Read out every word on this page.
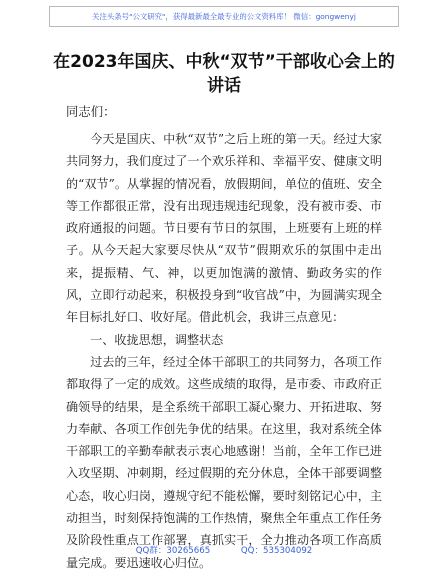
关注头条号"公文研究"，获得最新最全最专业的公文资料库！ 微信：gongwenyj
在2023年国庆、中秋“双节”干部收心会上的
讲话
同志们：

今天是国庆、中秋“双节”之后上班的第一天。经过大家共同努力，我们度过了一个欢乐祥和、幸福平安、健康文明的“双节”。从掌握的情况看，放假期间，单位的值班、安全等工作都很正常，没有出现违规违纪现象，没有被市委、市政府通报的问题。节日要有节日的氛围，上班要有上班的样子。从今天起大家要尽快从“双节”假期欢乐的氛围中走出来，提振精、气、神，以更加饱满的激情、勤政务实的作风，立即行动起来，积极投身到“收官战”中，为圆满实现全年目标扎好口、收好尾。借此机会，我讲三点意见：

一、收拢思想，调整状态

过去的三年，经过全体干部职工的共同努力，各项工作都取得了一定的成效。这些成绩的取得，是市委、市政府正确领导的结果，是全系统干部职工凝心聚力、开拓进取、努力奉献、各项工作创先争优的结果。在这里，我对系统全体干部职工的辛勤奉献表示衷心地感谢！当前，全年工作已进入攻坚期、冲刺期，经过假期的充分休息，全体干部要调整心态，收心归岗，遵规守纪不能松懈，要时刻铭记心中，主动担当，时刻保持饱满的工作热情，聚焦全年重点工作任务及阶段性重点工作部署，真抓实干，全力推动各项工作高质量完成。要迅速收心归位。

QQ群：30265665	QQ：535304092
